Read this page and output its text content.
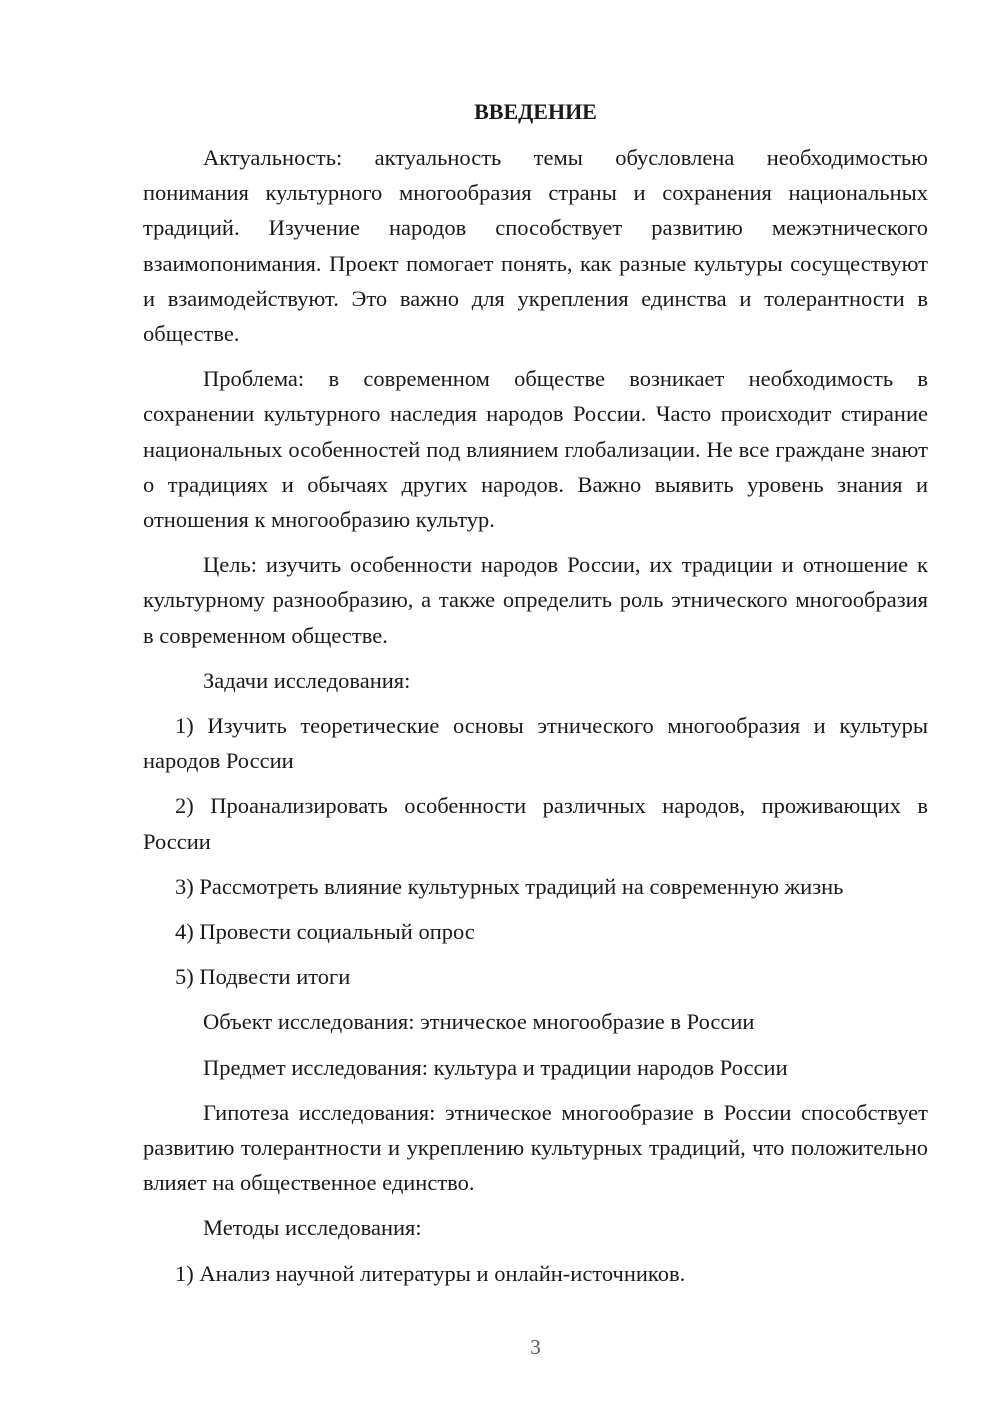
ВВЕДЕНИЕ

Актуальность: актуальность темы обусловлена необходимостью понимания культурного многообразия страны и сохранения национальных традиций. Изучение народов способствует развитию межэтнического взаимопонимания. Проект помогает понять, как разные культуры сосуществуют и взаимодействуют. Это важно для укрепления единства и толерантности в обществе.

Проблема: в современном обществе возникает необходимость в сохранении культурного наследия народов России. Часто происходит стирание национальных особенностей под влиянием глобализации. Не все граждане знают о традициях и обычаях других народов. Важно выявить уровень знания и отношения к многообразию культур.

Цель: изучить особенности народов России, их традиции и отношение к культурному разнообразию, а также определить роль этнического многообразия в современном обществе.

Задачи исследования:

1) Изучить теоретические основы этнического многообразия и культуры народов России

2) Проанализировать особенности различных народов, проживающих в России

3) Рассмотреть влияние культурных традиций на современную жизнь

4) Провести социальный опрос

5) Подвести итоги

Объект исследования: этническое многообразие в России

Предмет исследования: культура и традиции народов России

Гипотеза исследования: этническое многообразие в России способствует развитию толерантности и укреплению культурных традиций, что положительно влияет на общественное единство.

Методы исследования:

1) Анализ научной литературы и онлайн-источников.

3
